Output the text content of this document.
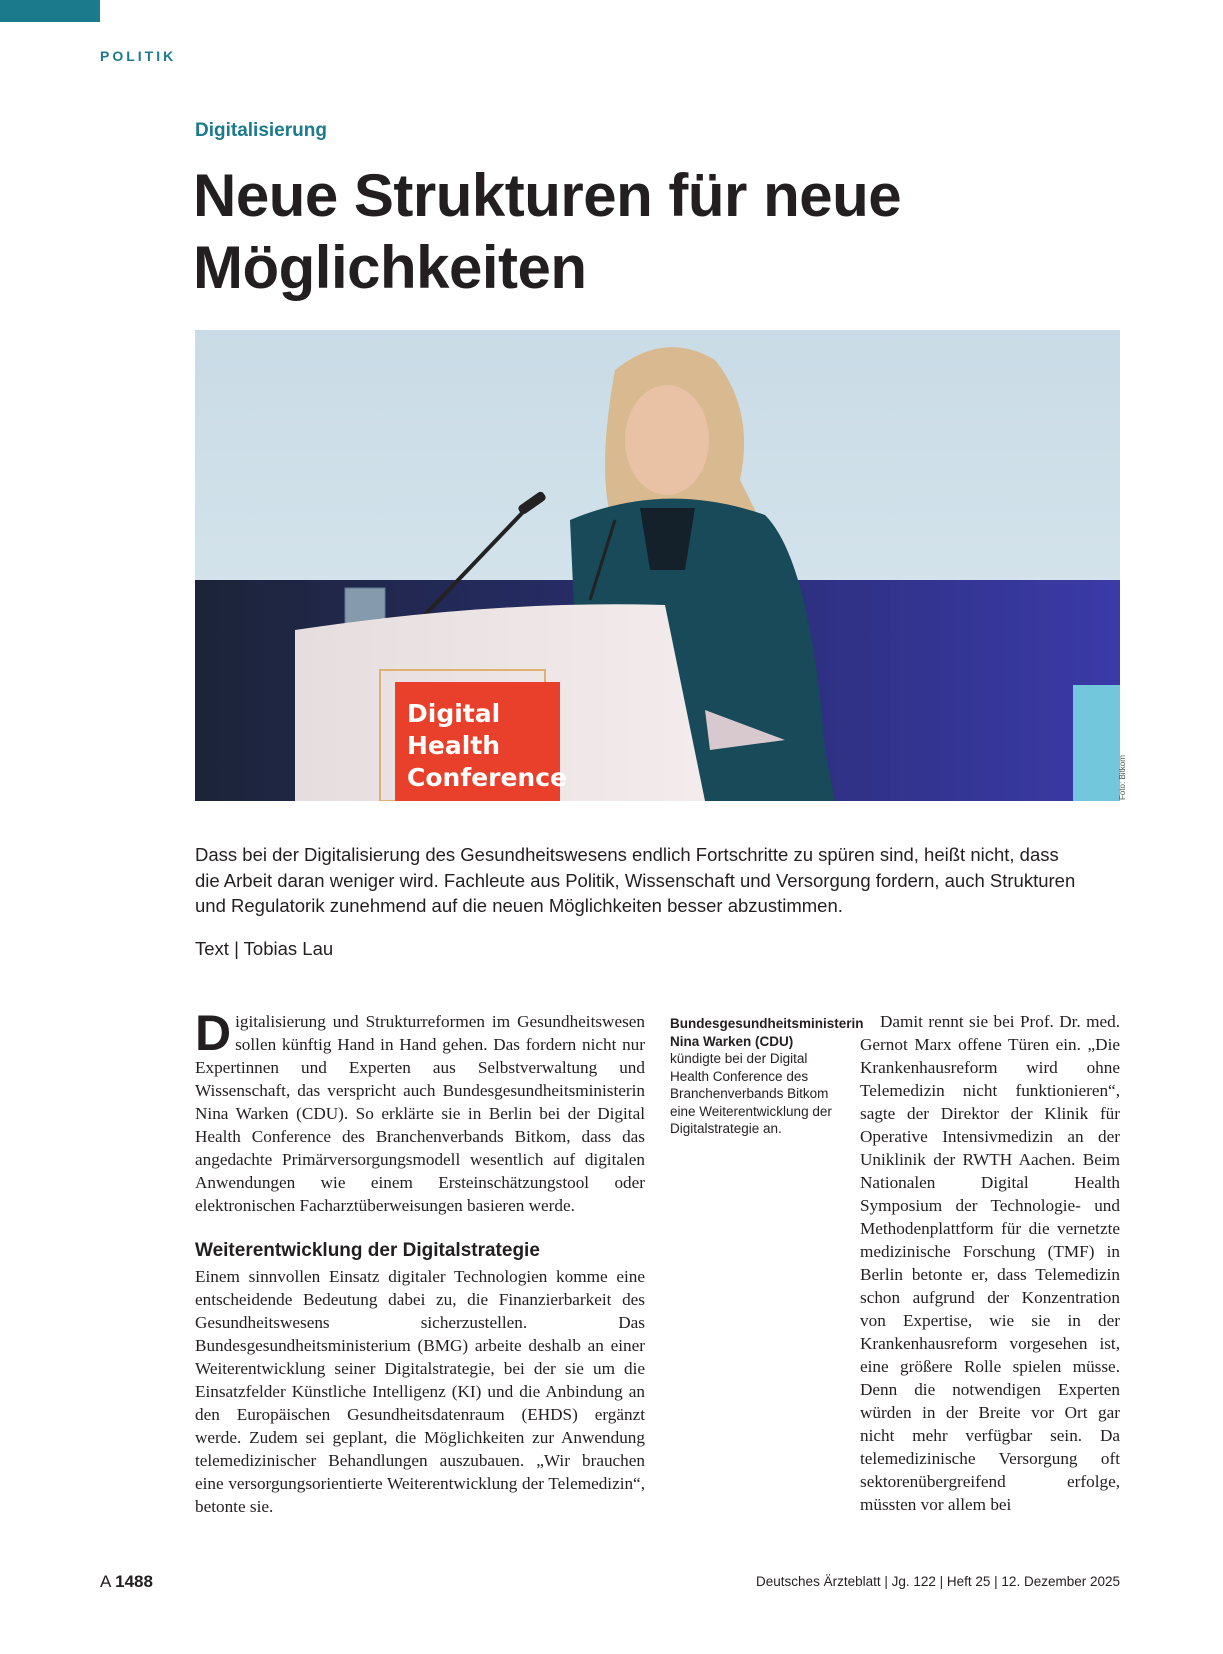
POLITIK
Digitalisierung
Neue Strukturen für neue Möglichkeiten
Digital
Health
Conference	Foto: Bitkom

Dass bei der Digitalisierung des Gesundheitswesens endlich Fortschritte zu spüren sind, heißt nicht, dass die Arbeit daran weniger wird. Fachleute aus Politik, Wissenschaft und Versorgung fordern, auch Strukturen und Regulatorik zunehmend auf die neuen Möglichkeiten besser abzustimmen.

Text | Tobias Lau

Digitalisierung und Strukturreformen im Gesundheitswesen sollen künftig Hand in Hand gehen. Das fordern nicht nur Expertinnen und Experten aus Selbstverwaltung und Wissenschaft, das verspricht auch Bundesgesundheitsministerin Nina Warken (CDU). So erklärte sie in Berlin bei der Digital Health Conference des Branchenverbands Bitkom, dass das angedachte Primärversorgungsmodell wesentlich auf digitalen Anwendungen wie einem Ersteinschätzungstool oder elektronischen Facharztüberweisungen basieren werde.

Weiterentwicklung der Digitalstrategie

Einem sinnvollen Einsatz digitaler Technologien komme eine entscheidende Bedeutung dabei zu, die Finanzierbarkeit des Gesundheitswesens sicherzustellen. Das Bundesgesundheitsministerium (BMG) arbeite deshalb an einer Weiterentwicklung seiner Digitalstrategie, bei der sie um die Einsatzfelder Künstliche Intelligenz (KI) und die Anbindung an den Europäischen Gesundheitsdatenraum (EHDS) ergänzt werde. Zudem sei geplant, die Möglichkeiten zur Anwendung telemedizinischer Behandlungen auszubauen. „Wir brauchen eine versorgungsorientierte Weiterentwicklung der Telemedizin“, betonte sie.

Bundesgesundheitsministerin Nina Warken (CDU) kündigte bei der Digital Health Conference des Branchenverbands Bitkom eine Weiterentwicklung der Digitalstrategie an.

Damit rennt sie bei Prof. Dr. med. Gernot Marx offene Türen ein. „Die Krankenhausreform wird ohne Telemedizin nicht funktionieren“, sagte der Direktor der Klinik für Operative Intensivmedizin an der Uniklinik der RWTH Aachen. Beim Nationalen Digital Health Symposium der Technologie- und Methodenplattform für die vernetzte medizinische Forschung (TMF) in Berlin betonte er, dass Telemedizin schon aufgrund der Konzentration von Expertise, wie sie in der Krankenhausreform vorgesehen ist, eine größere Rolle spielen müsse. Denn die notwendigen Experten würden in der Breite vor Ort gar nicht mehr verfügbar sein. Da telemedizinische Versorgung oft sektorenübergreifend erfolge, müssten vor allem bei

A 1488	Deutsches Ärzteblatt | Jg. 122 | Heft 25 | 12. Dezember 2025
